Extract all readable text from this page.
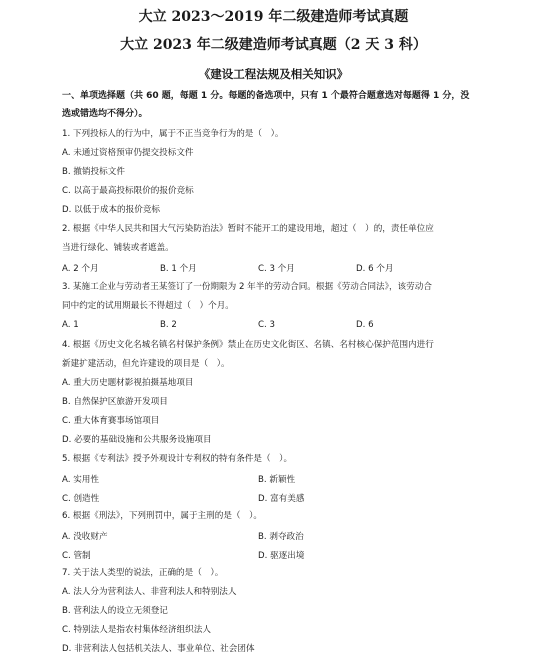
大立 2023～2019 年二级建造师考试真题
大立 2023 年二级建造师考试真题（2 天 3 科）
《建设工程法规及相关知识》
一、单项选择题（共 60 题，每题 1 分。每题的备选项中，只有 1 个最符合题意选对每题得 1 分，没
选或错选均不得分）。
1. 下列投标人的行为中，属于不正当竞争行为的是（　）。
A. 未通过资格预审仍提交投标文件
B. 撤销投标文件
C. 以高于最高投标限价的报价竞标
D. 以低于成本的报价竞标
2. 根据《中华人民共和国大气污染防治法》暂时不能开工的建设用地，超过（　）的，责任单位应
当进行绿化、铺装或者遮盖。
A. 2 个月	B. 1 个月	C. 3 个月	D. 6 个月
3. 某施工企业与劳动者王某签订了一份期限为 2 年半的劳动合同。根据《劳动合同法》，该劳动合
同中约定的试用期最长不得超过（　）个月。
A. 1	B. 2	C. 3	D. 6
4. 根据《历史文化名城名镇名村保护条例》禁止在历史文化街区、名镇、名村核心保护范围内进行
新建扩建活动，但允许建设的项目是（　）。
A. 重大历史题材影视拍摄基地项目
B. 自然保护区旅游开发项目
C. 重大体育赛事场馆项目
D. 必要的基础设施和公共服务设施项目
5. 根据《专利法》授予外观设计专利权的特有条件是（　）。
A. 实用性	B. 新颖性
C. 创造性	D. 富有美感
6. 根据《刑法》，下列刑罚中，属于主刑的是（　）。
A. 没收财产	B. 剥夺政治
C. 管制	D. 驱逐出境
7. 关于法人类型的说法，正确的是（　）。
A. 法人分为营利法人、非营利法人和特别法人
B. 营利法人的设立无须登记
C. 特别法人是指农村集体经济组织法人
D. 非营利法人包括机关法人、事业单位、社会团体
